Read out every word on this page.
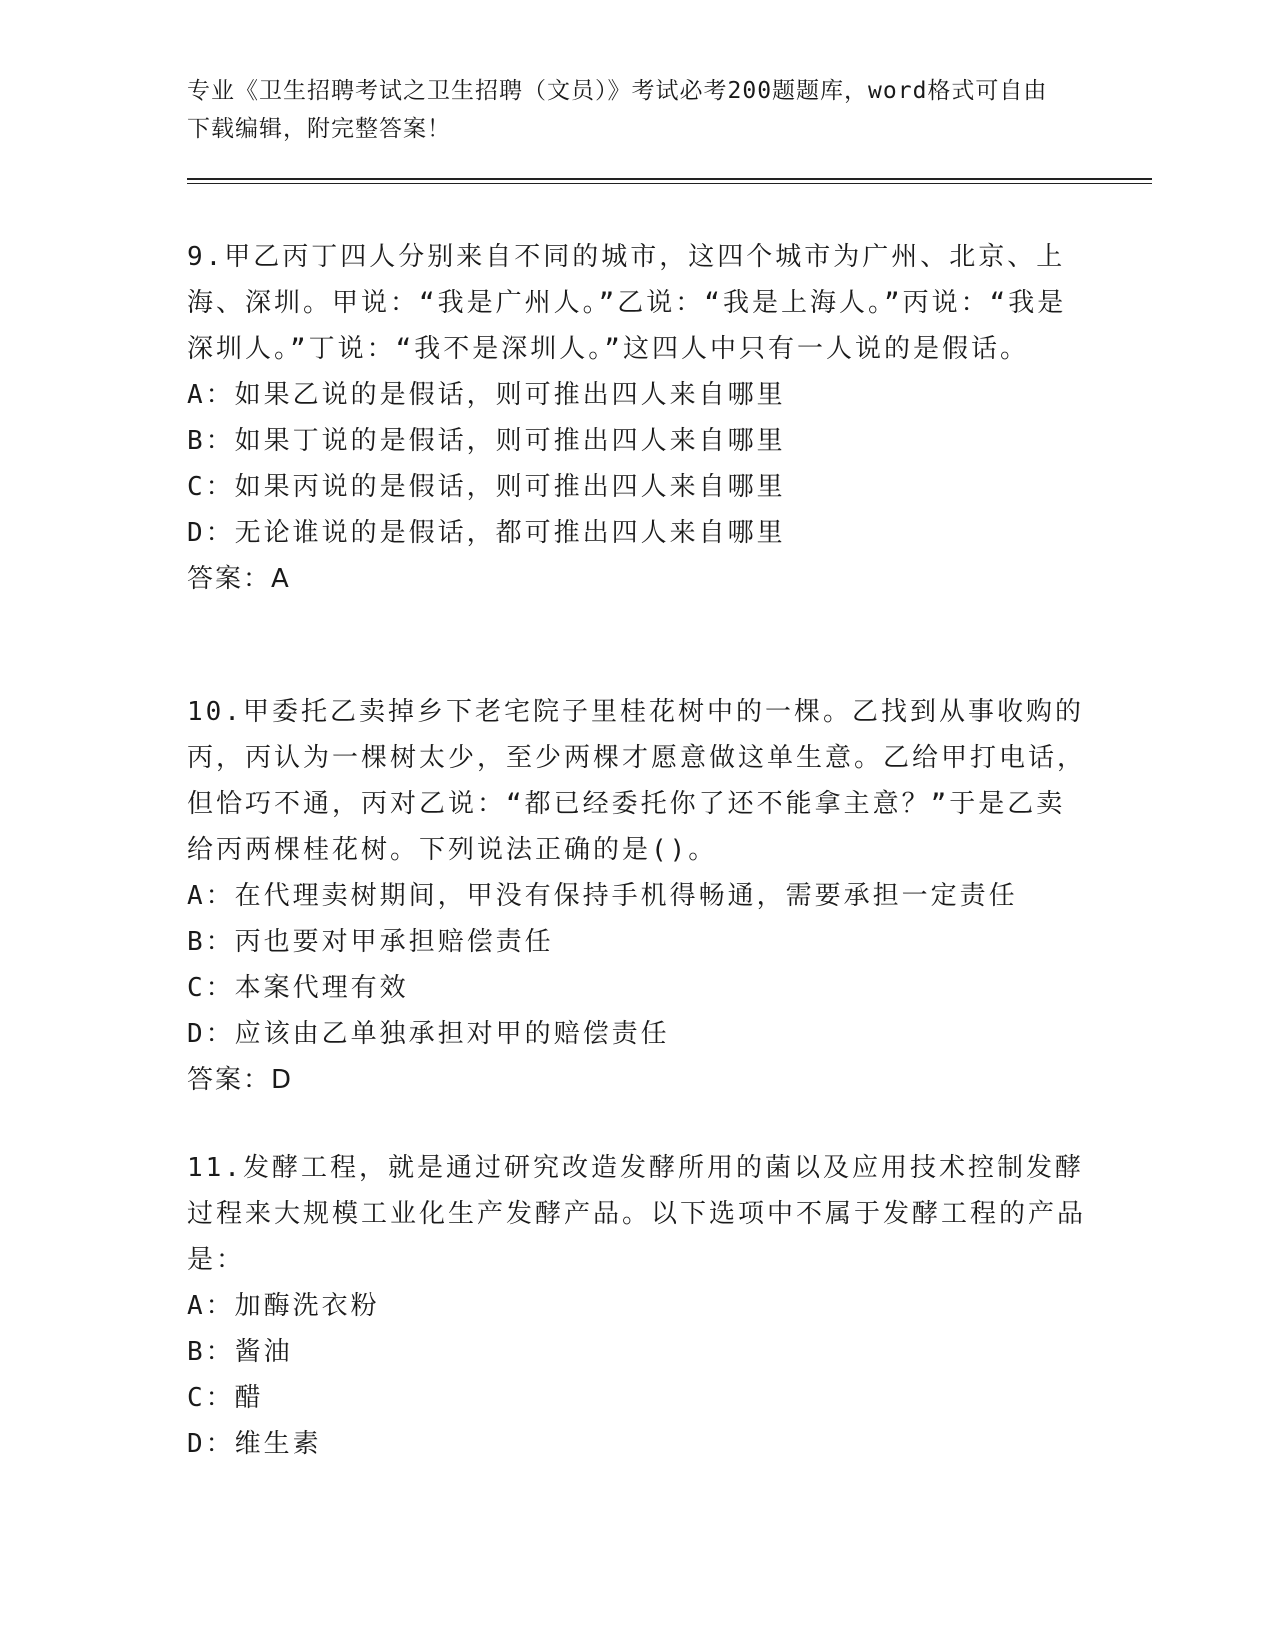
专业《卫生招聘考试之卫生招聘（文员）》考试必考200题题库，word格式可自由下载编辑，附完整答案！
9.甲乙丙丁四人分别来自不同的城市，这四个城市为广州、北京、上海、深圳。甲说：“我是广州人。”乙说：“我是上海人。”丙说：“我是深圳人。”丁说：“我不是深圳人。”这四人中只有一人说的是假话。
A：如果乙说的是假话，则可推出四人来自哪里
B：如果丁说的是假话，则可推出四人来自哪里
C：如果丙说的是假话，则可推出四人来自哪里
D：无论谁说的是假话，都可推出四人来自哪里
答案：A
10.甲委托乙卖掉乡下老宅院子里桂花树中的一棵。乙找到从事收购的丙，丙认为一棵树太少，至少两棵才愿意做这单生意。乙给甲打电话，但恰巧不通，丙对乙说：“都已经委托你了还不能拿主意？”于是乙卖给丙两棵桂花树。下列说法正确的是()。
A：在代理卖树期间，甲没有保持手机得畅通，需要承担一定责任
B：丙也要对甲承担赔偿责任
C：本案代理有效
D：应该由乙单独承担对甲的赔偿责任
答案：D
11.发酵工程，就是通过研究改造发酵所用的菌以及应用技术控制发酵过程来大规模工业化生产发酵产品。以下选项中不属于发酵工程的产品是：
A：加酶洗衣粉
B：酱油
C：醋
D：维生素
